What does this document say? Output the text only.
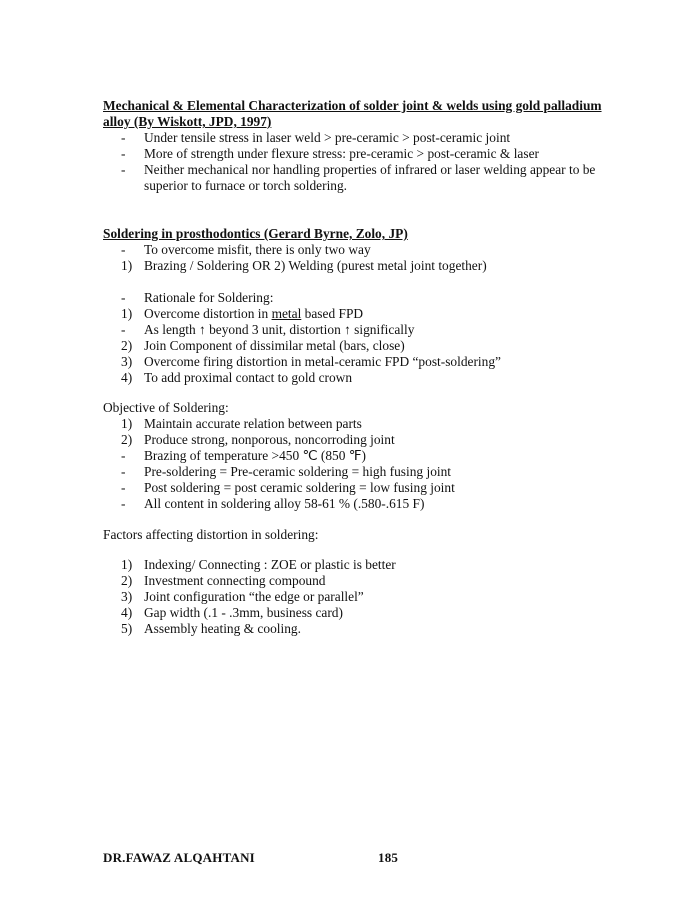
Mechanical & Elemental Characterization of solder joint & welds using gold palladium alloy (By Wiskott, JPD, 1997)
-	Under tensile stress in laser weld > pre-ceramic > post-ceramic joint
-	More of strength under flexure stress: pre-ceramic > post-ceramic & laser
-	Neither mechanical nor handling properties of infrared or laser welding appear to be superior to furnace or torch soldering.
Soldering in prosthodontics (Gerard Byrne, Zolo, JP)
-	To overcome misfit, there is only two way
1) Brazing / Soldering OR 2) Welding (purest metal joint together)
-	Rationale for Soldering:
1) Overcome distortion in metal based FPD
-	As length ↑ beyond 3 unit, distortion ↑ significally
2) Join Component of dissimilar metal (bars, close)
3) Overcome firing distortion in metal-ceramic FPD “post-soldering”
4) To add proximal contact to gold crown
Objective of Soldering:
1) Maintain accurate relation between parts
2) Produce strong, nonporous, noncorroding joint
-	Brazing of temperature >450 ℃ (850 ℉)
-	Pre-soldering = Pre-ceramic soldering = high fusing joint
-	Post soldering = post ceramic soldering = low fusing joint
-	All content in soldering alloy 58-61 % (.580-.615 F)
Factors affecting distortion in soldering:
1) Indexing/ Connecting : ZOE or plastic is better
2) Investment connecting compound
3) Joint configuration “the edge or parallel”
4) Gap width (.1 - .3mm, business card)
5) Assembly heating & cooling.
DR.FAWAZ ALQAHTANI	185
